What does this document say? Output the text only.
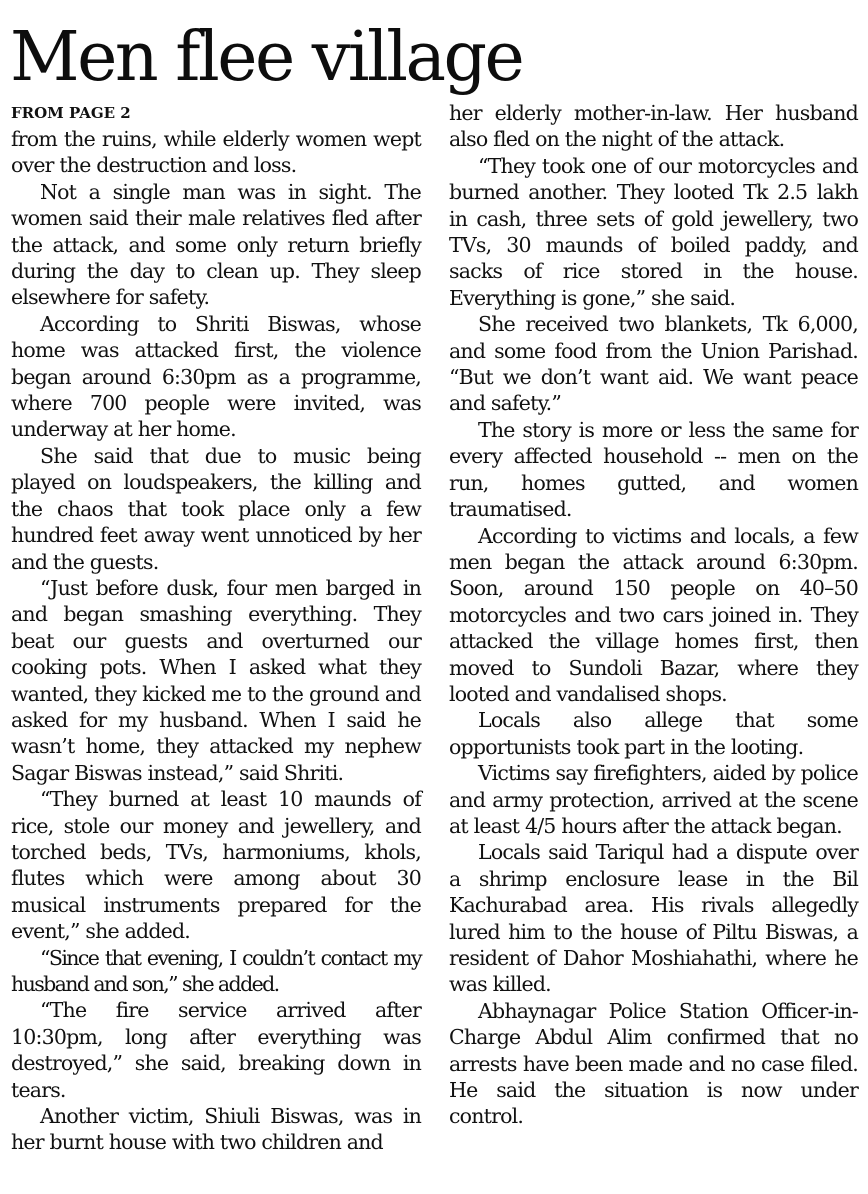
Men flee village
FROM PAGE 2

from the ruins, while elderly women wept over the destruction and loss.

Not a single man was in sight. The women said their male relatives fled after the attack, and some only return briefly during the day to clean up. They sleep elsewhere for safety.

According to Shriti Biswas, whose home was attacked first, the violence began around 6:30pm as a programme, where 700 people were invited, was underway at her home.

She said that due to music being played on loudspeakers, the killing and the chaos that took place only a few hundred feet away went unnoticed by her and the guests.

“Just before dusk, four men barged in and began smashing everything. They beat our guests and overturned our cooking pots. When I asked what they wanted, they kicked me to the ground and asked for my husband. When I said he wasn’t home, they attacked my nephew Sagar Biswas instead,” said Shriti.

“They burned at least 10 maunds of rice, stole our money and jewellery, and torched beds, TVs, harmoniums, khols, flutes which were among about 30 musical instruments prepared for the event,” she added.

“Since that evening, I couldn’t contact my husband and son,” she added.

“The fire service arrived after 10:30pm, long after everything was destroyed,” she said, breaking down in tears.

Another victim, Shiuli Biswas, was in her burnt house with two children and

her elderly mother-in-law. Her husband also fled on the night of the attack.

“They took one of our motorcycles and burned another. They looted Tk 2.5 lakh in cash, three sets of gold jewellery, two TVs, 30 maunds of boiled paddy, and sacks of rice stored in the house. Everything is gone,” she said.

She received two blankets, Tk 6,000, and some food from the Union Parishad. “But we don’t want aid. We want peace and safety.”

The story is more or less the same for every affected household -- men on the run, homes gutted, and women traumatised.

According to victims and locals, a few men began the attack around 6:30pm. Soon, around 150 people on 40–50 motorcycles and two cars joined in. They attacked the village homes first, then moved to Sundoli Bazar, where they looted and vandalised shops.

Locals also allege that some opportunists took part in the looting.

Victims say firefighters, aided by police and army protection, arrived at the scene at least 4/5 hours after the attack began.

Locals said Tariqul had a dispute over a shrimp enclosure lease in the Bil Kachurabad area. His rivals allegedly lured him to the house of Piltu Biswas, a resident of Dahor Moshiahathi, where he was killed.

Abhaynagar Police Station Officer-in-Charge Abdul Alim confirmed that no arrests have been made and no case filed. He said the situation is now under control.
